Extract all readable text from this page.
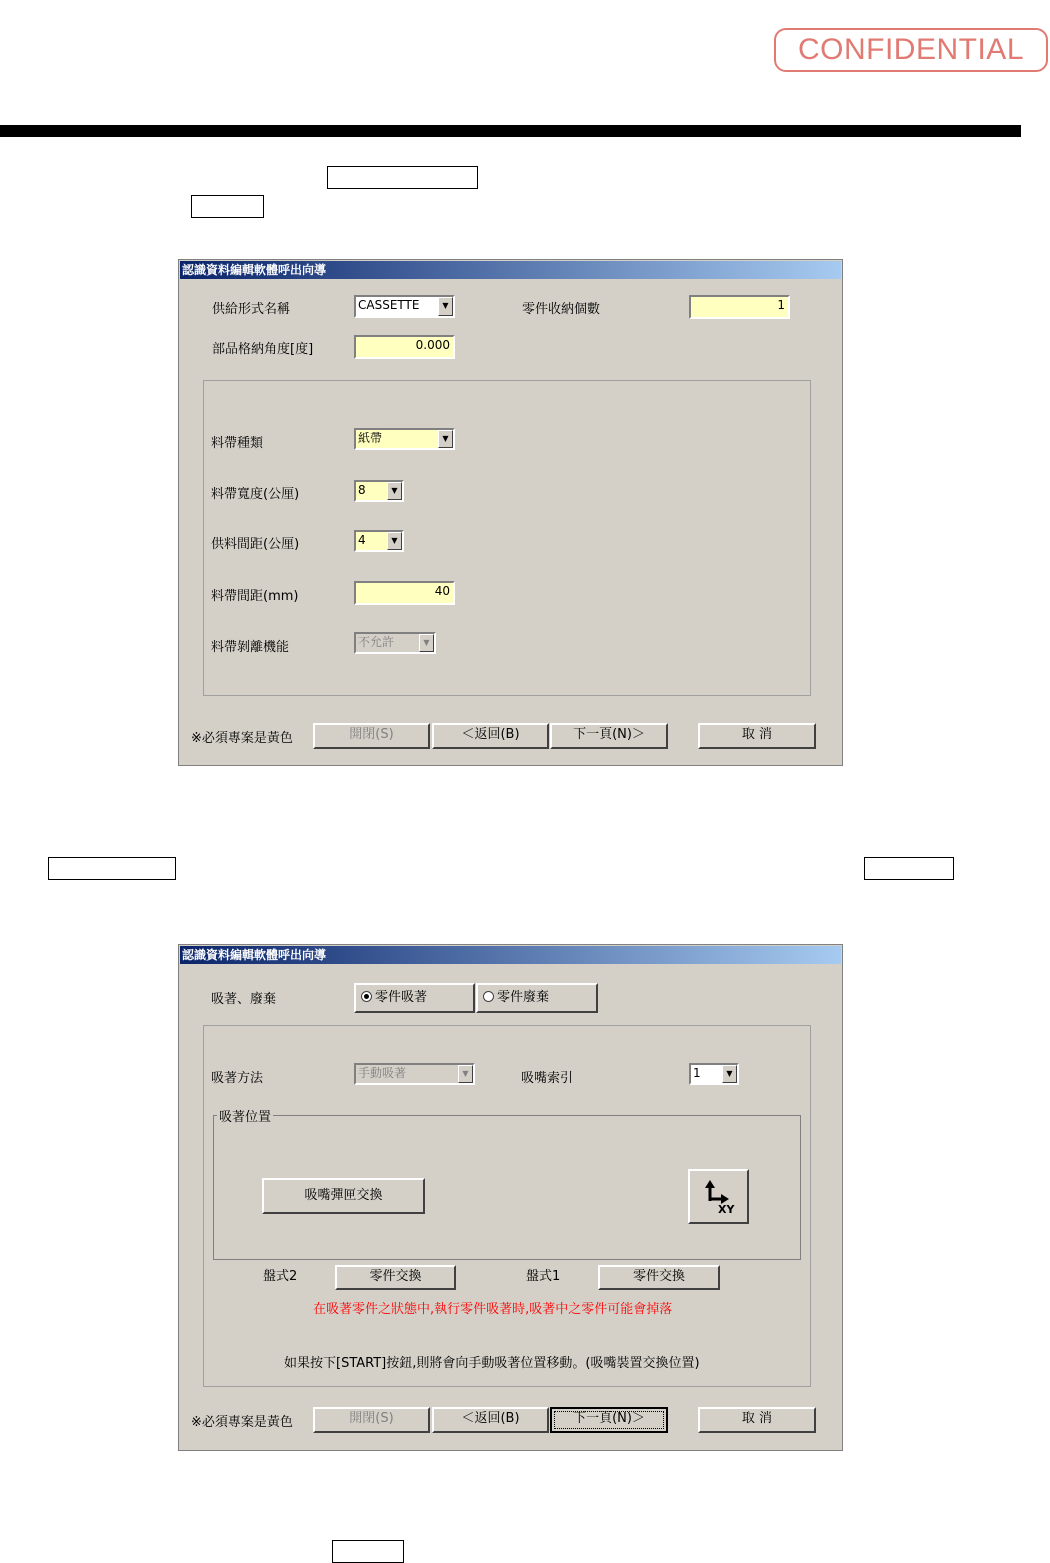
CONFIDENTIAL
認識資料編輯軟體呼出向導
供給形式名稱	CASSETTE	▼	零件收納個數	1
部品格納角度[度]	0.000
料帶種類	紙帶	▼
料帶寬度(公厘)	8	▼
供料間距(公厘)	4	▼
料帶間距(mm)	40
料帶剝離機能	不允許	▼
※必須專案是黃色	開閉(S)	＜返回(B)	下一頁(N)＞	取 消
認識資料編輯軟體呼出向導
吸著、廢棄	零件吸著	零件廢棄
吸著方法	手動吸著	▼	吸嘴索引	1	▼
吸著位置
吸嘴彈匣交換
XY
盤式2	零件交換	盤式1	零件交換
在吸著零件之狀態中,執行零件吸著時,吸著中之零件可能會掉落
如果按下[START]按鈕,則將會向手動吸著位置移動。(吸嘴裝置交換位置)
※必須專案是黃色	開閉(S)	＜返回(B)	下一頁(N)＞	取 消
